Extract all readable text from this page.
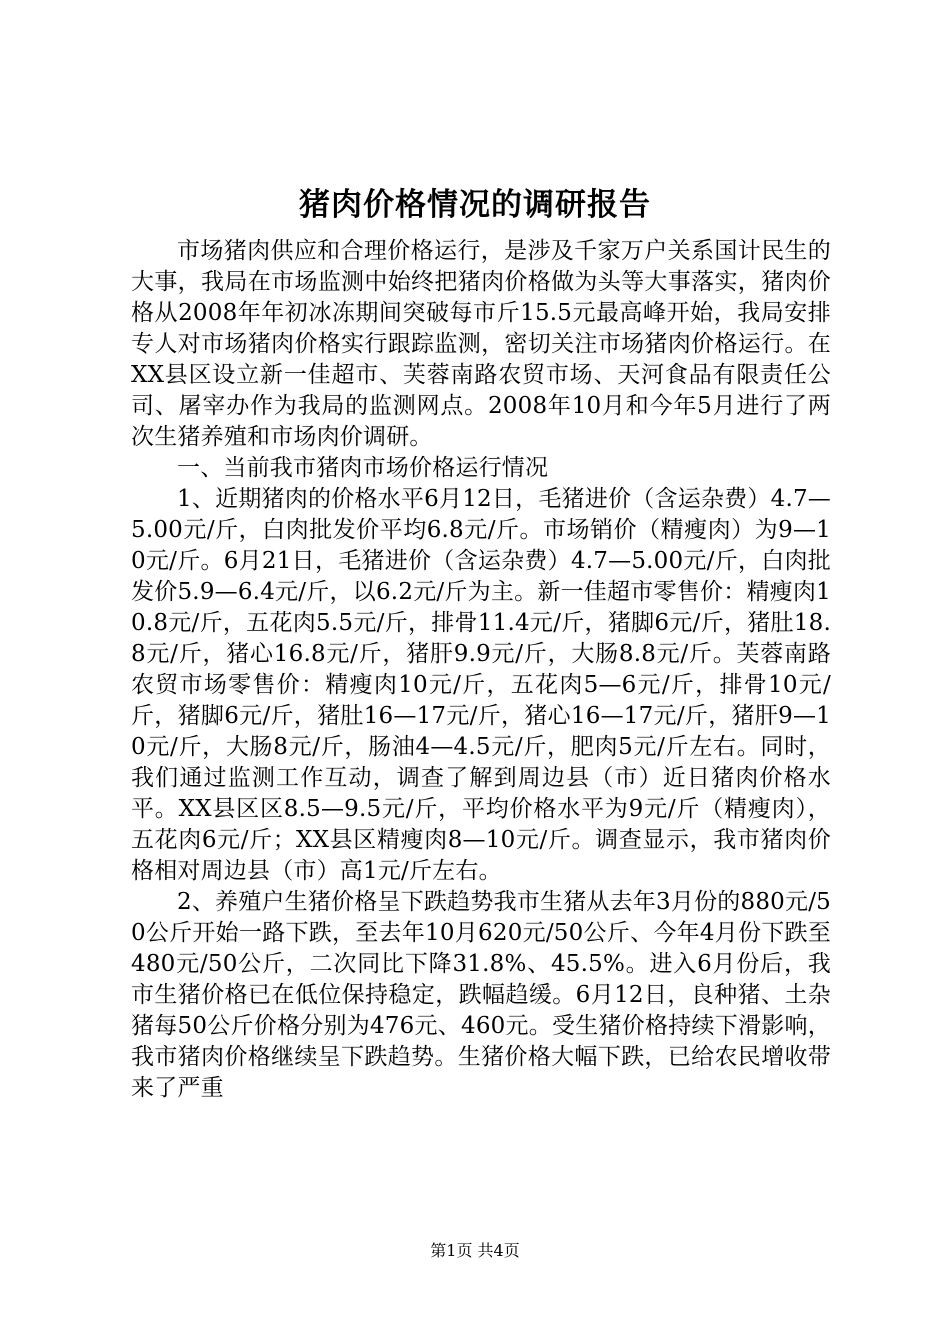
猪肉价格情况的调研报告

市场猪肉供应和合理价格运行，是涉及千家万户关系国计民生的大事，我局在市场监测中始终把猪肉价格做为头等大事落实，猪肉价格从2008年年初冰冻期间突破每市斤15.5元最高峰开始，我局安排专人对市场猪肉价格实行跟踪监测，密切关注市场猪肉价格运行。在XX县区设立新一佳超市、芙蓉南路农贸市场、天河食品有限责任公司、屠宰办作为我局的监测网点。2008年10月和今年5月进行了两次生猪养殖和市场肉价调研。

一、当前我市猪肉市场价格运行情况

1、近期猪肉的价格水平6月12日，毛猪进价（含运杂费）4.7—5.00元/斤，白肉批发价平均6.8元/斤。市场销价（精瘦肉）为9—10元/斤。6月21日，毛猪进价（含运杂费）4.7—5.00元/斤，白肉批发价5.9—6.4元/斤，以6.2元/斤为主。新一佳超市零售价：精瘦肉10.8元/斤，五花肉5.5元/斤，排骨11.4元/斤，猪脚6元/斤，猪肚18.8元/斤，猪心16.8元/斤，猪肝9.9元/斤，大肠8.8元/斤。芙蓉南路农贸市场零售价：精瘦肉10元/斤，五花肉5—6元/斤，排骨10元/斤，猪脚6元/斤，猪肚16—17元/斤，猪心16—17元/斤，猪肝9—10元/斤，大肠8元/斤，肠油4—4.5元/斤，肥肉5元/斤左右。同时，我们通过监测工作互动，调查了解到周边县（市）近日猪肉价格水平。XX县区区8.5—9.5元/斤，平均价格水平为9元/斤（精瘦肉），五花肉6元/斤；XX县区精瘦肉8—10元/斤。调查显示，我市猪肉价格相对周边县（市）高1元/斤左右。

2、养殖户生猪价格呈下跌趋势我市生猪从去年3月份的880元/50公斤开始一路下跌，至去年10月620元/50公斤、今年4月份下跌至480元/50公斤，二次同比下降31.8%、45.5%。进入6月份后，我市生猪价格已在低位保持稳定，跌幅趋缓。6月12日，良种猪、土杂猪每50公斤价格分别为476元、460元。受生猪价格持续下滑影响，我市猪肉价格继续呈下跌趋势。生猪价格大幅下跌，已给农民增收带来了严重

第1页 共4页
